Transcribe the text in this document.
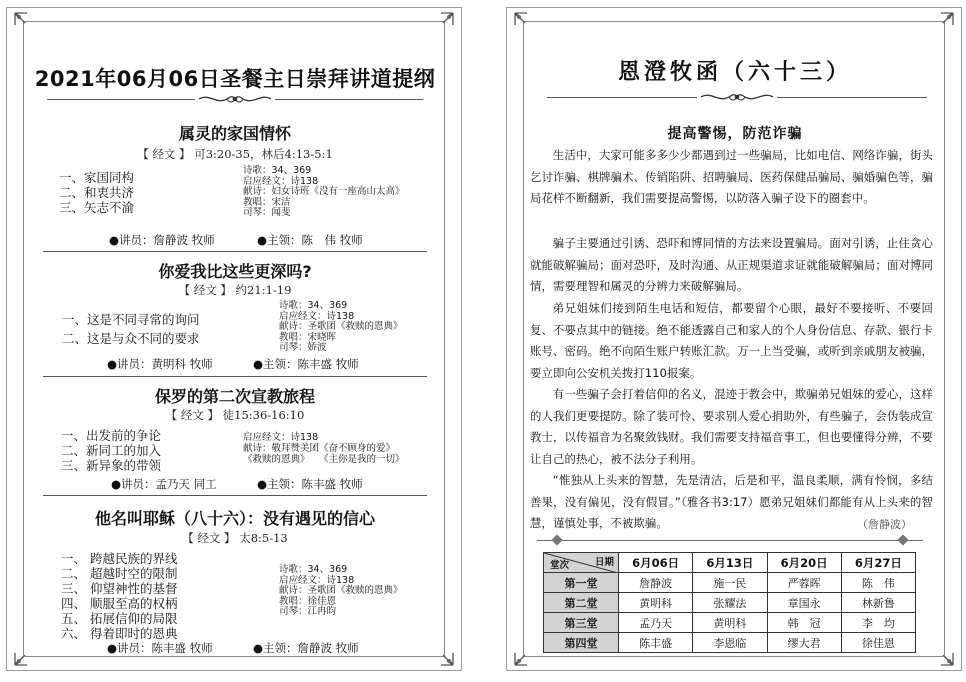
2021年06月06日圣餐主日崇拜讲道提纲
属灵的家国情怀
【 经文 】 可3:20-35，林后4:13-5:1
一、家国同构
二、和衷共济
三、矢志不渝
诗歌：34、369
启应经文：诗138
献诗：妇女诗班《没有一座高山太高》
教唱：宋洁
司琴：闻斐
●讲员：詹静波 牧师	●主领：陈　伟 牧师
你爱我比这些更深吗?
【 经文 】 约21:1-19
一、这是不同寻常的询问
二、这是与众不同的要求
诗歌：34、369
启应经文：诗138
献诗：圣歌团《救赎的恩典》
教唱：宋晓晖
司琴：娇波
●讲员：黄明科 牧师	●主领：陈丰盛 牧师
保罗的第二次宣教旅程
【 经文 】 徒15:36-16:10
一、出发前的争论
二、新同工的加入
三、新异象的带领
启应经文：诗138
献诗：敬拜赞美团《奋不顾身的爱》
《救赎的恩典》　　《主你是我的一切》
●讲员：孟乃天 同工	●主领：陈丰盛 牧师
他名叫耶稣（八十六）：没有遇见的信心
【 经文 】 太8:5-13
一、 跨越民族的界线
二、 超越时空的限制
三、 仰望神性的基督
四、 顺服至高的权柄
五、 拓展信仰的局限
六、 得着即时的恩典
诗歌：34、369
启应经文：诗138
献诗：圣歌团《救赎的恩典》
教唱：徐佳恩
司琴：江冉昀
●讲员：陈丰盛 牧师	●主领：詹静波 牧师
恩澄牧函（六十三）
提高警惕，防范诈骗
生活中，大家可能多多少少都遇到过一些骗局，比如电信、网络诈骗，街头乞讨诈骗、棋牌骗术、传销陷阱、招聘骗局、医药保健品骗局、骗婚骗色等，骗局花样不断翻新，我们需要提高警惕，以防落入骗子设下的圈套中。
骗子主要通过引诱、恐吓和博同情的方法来设置骗局。面对引诱，止住贪心就能破解骗局；面对恐吓，及时沟通、从正规渠道求证就能破解骗局；面对博同情，需要理智和属灵的分辨力来破解骗局。
弟兄姐妹们接到陌生电话和短信，都要留个心眼，最好不要接听、不要回复、不要点其中的链接。绝不能透露自己和家人的个人身份信息、存款、银行卡账号、密码。绝不向陌生账户转账汇款。万一上当受骗，或听到亲戚朋友被骗，要立即向公安机关拨打110报案。
有一些骗子会打着信仰的名义，混迹于教会中，欺骗弟兄姐妹的爱心，这样的人我们更要提防。除了装可怜、要求别人爱心捐助外，有些骗子，会伪装成宣教士，以传福音为名聚敛钱财。我们需要支持福音事工，但也要懂得分辨，不要让自己的热心，被不法分子利用。
“惟独从上头来的智慧，先是清洁，后是和平，温良柔顺，满有怜悯，多结善果，没有偏见，没有假冒。”（雅各书3:17）愿弟兄姐妹们都能有从上头来的智慧，谨慎处事，不被欺骗。	（詹静波）
日期
堂次	6月06日	6月13日	6月20日	6月27日
第一堂	詹静波	施一民	严蓉晖	陈　伟
第二堂	黄明科	张耀法	章国永	林新鲁
第三堂	孟乃天	黄明科	韩　冠	李　均
第四堂	陈丰盛	李恩临	缪大君	徐佳恩
